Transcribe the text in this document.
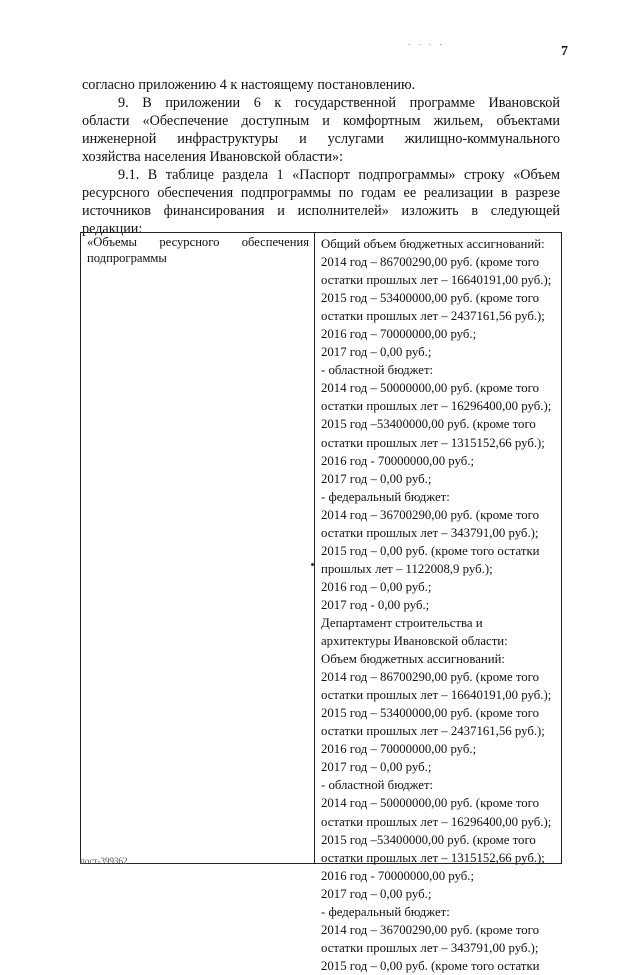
. . . .
7
согласно приложению 4 к настоящему постановлению.
9. В приложении 6 к государственной программе Ивановской
области «Обеспечение доступным и комфортным жильем, объектами
инженерной инфраструктуры и услугами жилищно-коммунального
хозяйства населения Ивановской области»:
9.1. В таблице раздела 1 «Паспорт подпрограммы» строку «Объем
ресурсного обеспечения подпрограммы по годам ее реализации в разрезе
источников финансирования и исполнителей» изложить в следующей
редакции:
«Объемы ресурсного обеспечения
подпрограммы
Общий объем бюджетных ассигнований:
2014 год – 86700290,00 руб. (кроме того
остатки прошлых лет – 16640191,00 руб.);
2015 год – 53400000,00 руб. (кроме того
остатки прошлых лет – 2437161,56 руб.);
2016 год – 70000000,00 руб.;
2017 год – 0,00 руб.;
- областной бюджет:
2014 год – 50000000,00 руб. (кроме того
остатки прошлых лет – 16296400,00 руб.);
2015 год –53400000,00 руб. (кроме того
остатки прошлых лет – 1315152,66 руб.);
2016 год - 70000000,00 руб.;
2017 год – 0,00 руб.;
- федеральный бюджет:
2014 год – 36700290,00 руб. (кроме того
остатки прошлых лет – 343791,00 руб.);
2015 год – 0,00 руб. (кроме того остатки
прошлых лет – 1122008,9 руб.);
2016 год – 0,00 руб.;
2017 год - 0,00 руб.;
Департамент строительства и
архитектуры Ивановской области:
Объем бюджетных ассигнований:
2014 год – 86700290,00 руб. (кроме того
остатки прошлых лет – 16640191,00 руб.);
2015 год – 53400000,00 руб. (кроме того
остатки прошлых лет – 2437161,56 руб.);
2016 год – 70000000,00 руб.;
2017 год – 0,00 руб.;
- областной бюджет:
2014 год – 50000000,00 руб. (кроме того
остатки прошлых лет – 16296400,00 руб.);
2015 год –53400000,00 руб. (кроме того
остатки прошлых лет – 1315152,66 руб.);
2016 год - 70000000,00 руб.;
2017 год – 0,00 руб.;
- федеральный бюджет:
2014 год – 36700290,00 руб. (кроме того
остатки прошлых лет – 343791,00 руб.);
2015 год – 0,00 руб. (кроме того остатки
пост-399362
